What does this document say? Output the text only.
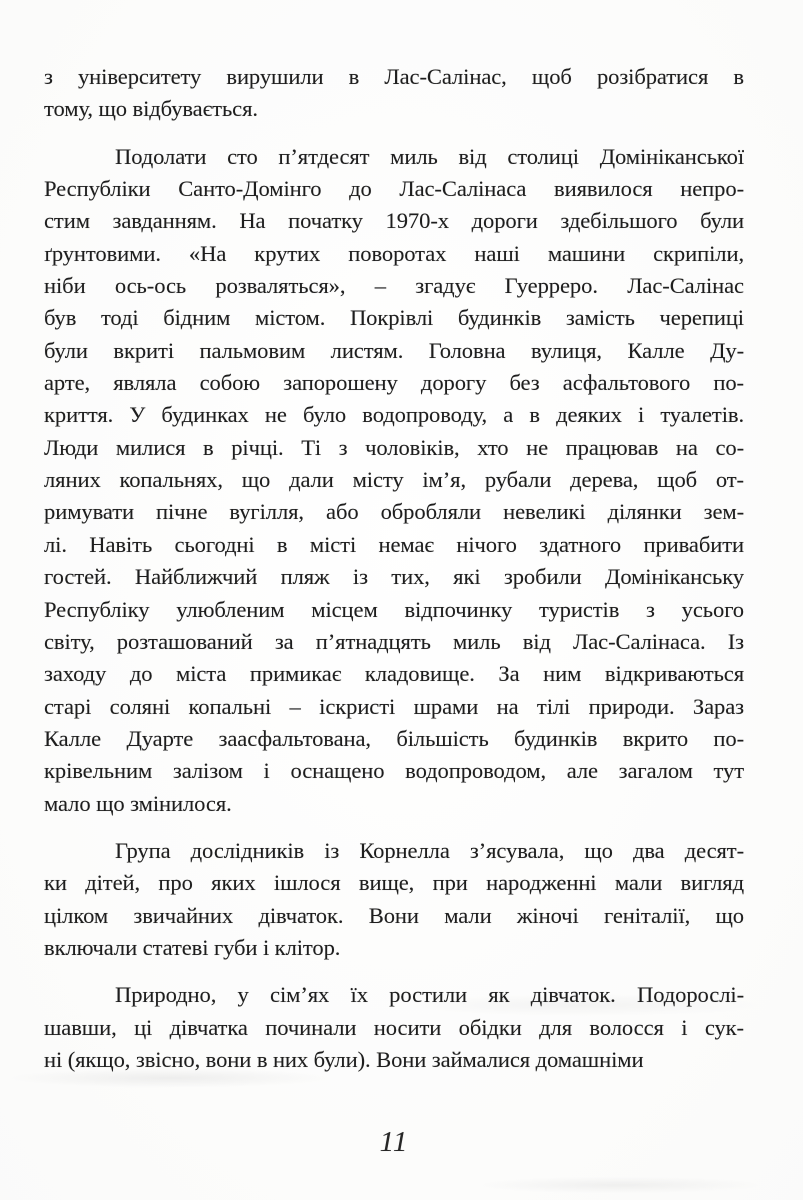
з університету вирушили в Лас-Салінас, щоб розібратися в
тому, що відбувається.

Подолати сто п’ятдесят миль від столиці Домініканської
Республіки Санто-Домінго до Лас-Салінаса виявилося непро-
стим завданням. На початку 1970-х дороги здебільшого були
ґрунтовими. «На крутих поворотах наші машини скрипіли,
ніби ось-ось розваляться», – згадує Гуерреро. Лас-Салінас
був тоді бідним містом. Покрівлі будинків замість черепиці
були вкриті пальмовим листям. Головна вулиця, Калле Ду-
арте, являла собою запорошену дорогу без асфальтового по-
криття. У будинках не було водопроводу, а в деяких і туалетів.
Люди милися в річці. Ті з чоловіків, хто не працював на со-
ляних копальнях, що дали місту ім’я, рубали дерева, щоб от-
римувати пічне вугілля, або обробляли невеликі ділянки зем-
лі. Навіть сьогодні в місті немає нічого здатного привабити
гостей. Найближчий пляж із тих, які зробили Домініканську
Республіку улюбленим місцем відпочинку туристів з усього
світу, розташований за п’ятнадцять миль від Лас-Салінаса. Із
заходу до міста примикає кладовище. За ним відкриваються
старі соляні копальні – іскристі шрами на тілі природи. Зараз
Калле Дуарте заасфальтована, більшість будинків вкрито по-
крівельним залізом і оснащено водопроводом, але загалом тут
мало що змінилося.

Група дослідників із Корнелла з’ясувала, що два десят-
ки дітей, про яких ішлося вище, при народженні мали вигляд
цілком звичайних дівчаток. Вони мали жіночі геніталії, що
включали статеві губи і клітор.

Природно, у сім’ях їх ростили як дівчаток. Подорослі-
шавши, ці дівчатка починали носити обідки для волосся і сук-
ні (якщо, звісно, вони в них були). Вони займалися домашніми

11
